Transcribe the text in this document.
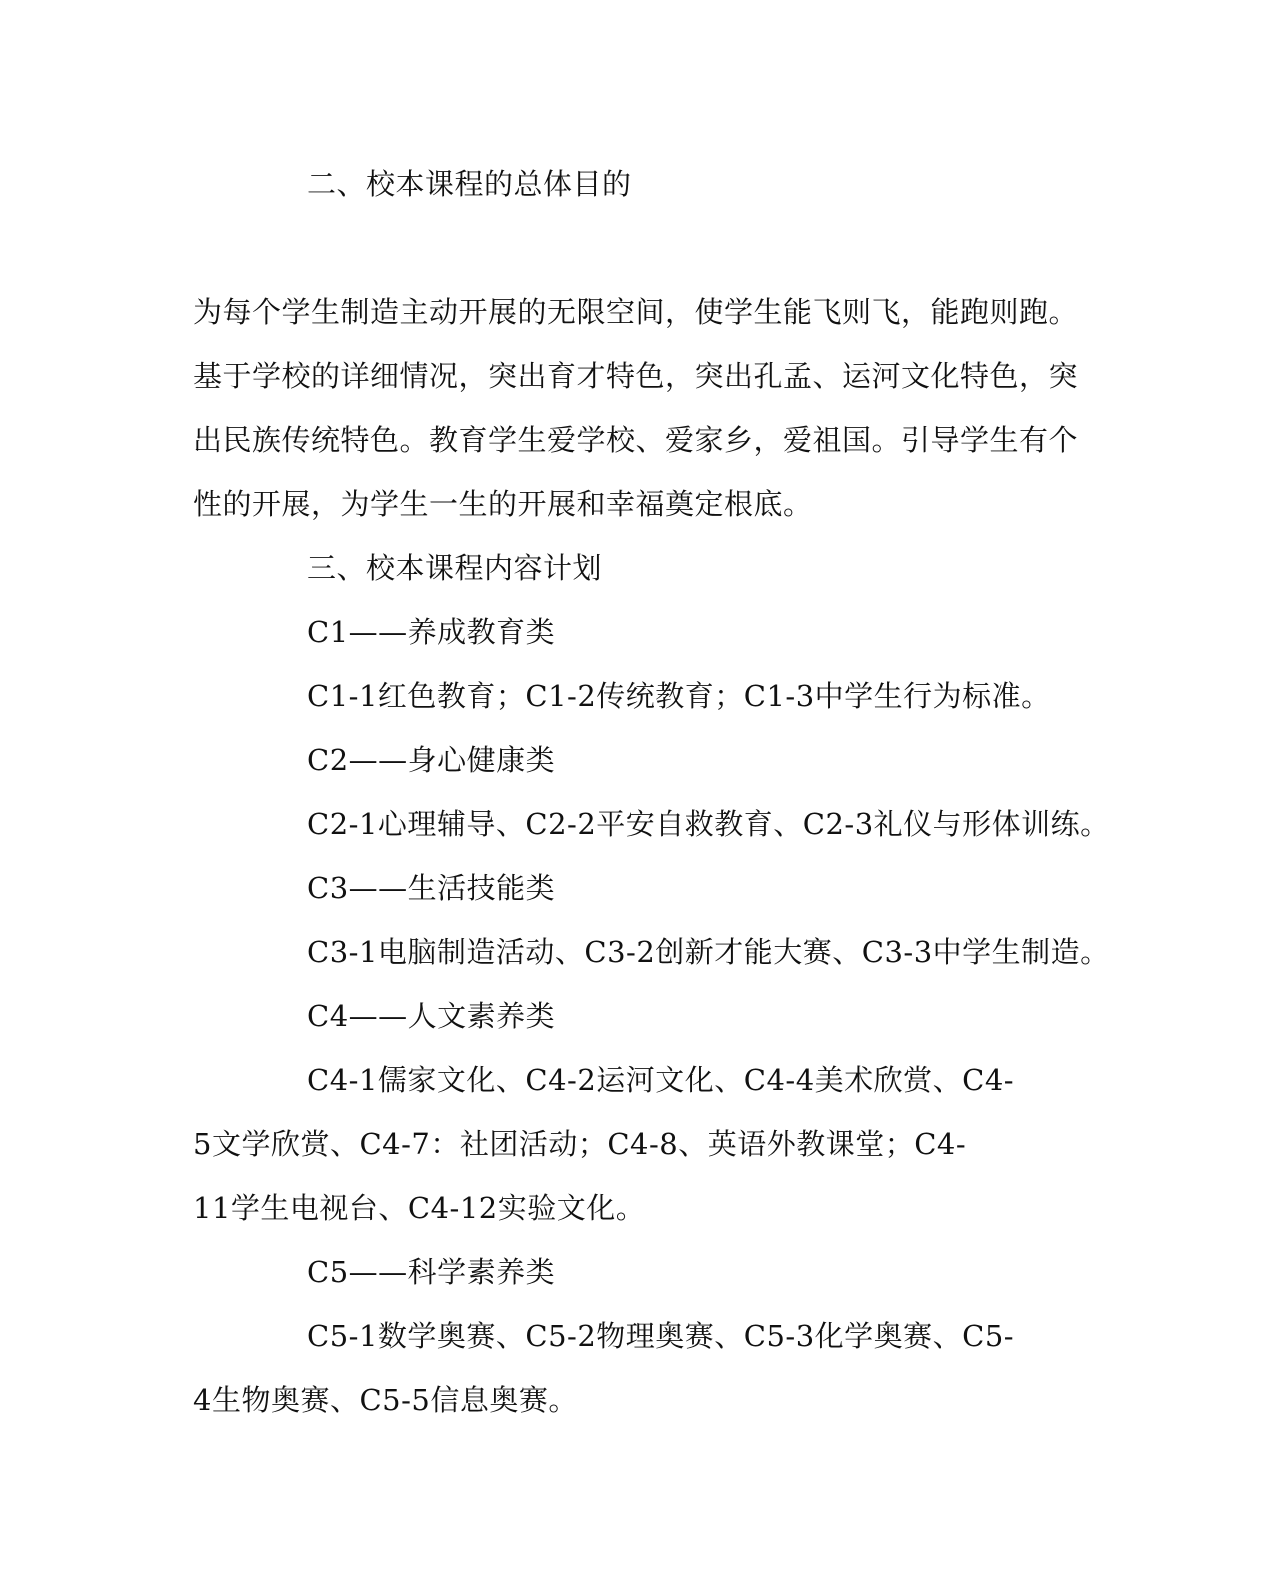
二、校本课程的总体目的
为每个学生制造主动开展的无限空间，使学生能飞则飞，能跑则跑。
基于学校的详细情况，突出育才特色，突出孔孟、运河文化特色，突
出民族传统特色。教育学生爱学校、爱家乡，爱祖国。引导学生有个
性的开展，为学生一生的开展和幸福奠定根底。
三、校本课程内容计划
C1——养成教育类
C1-1红色教育；C1-2传统教育；C1-3中学生行为标准。
C2——身心健康类
C2-1心理辅导、C2-2平安自救教育、C2-3礼仪与形体训练。
C3——生活技能类
C3-1电脑制造活动、C3-2创新才能大赛、C3-3中学生制造。
C4——人文素养类
C4-1儒家文化、C4-2运河文化、C4-4美术欣赏、C4-
5文学欣赏、C4-7：社团活动；C4-8、英语外教课堂；C4-
11学生电视台、C4-12实验文化。
C5——科学素养类
C5-1数学奥赛、C5-2物理奥赛、C5-3化学奥赛、C5-
4生物奥赛、C5-5信息奥赛。
